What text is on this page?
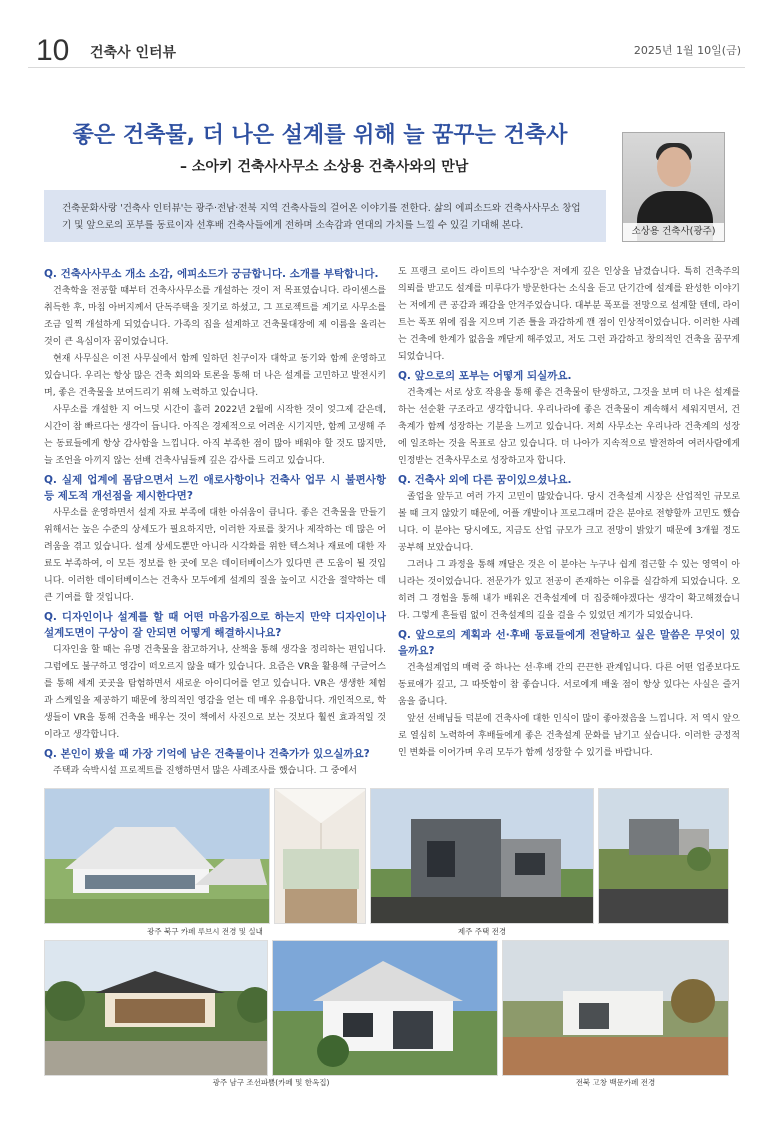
10 건축사 인터뷰	2025년 1월 10일(금)
좋은 건축물, 더 나은 설계를 위해 늘 꿈꾸는 건축사
– 소아키 건축사사무소 소상용 건축사와의 만남
건축문화사랑 '건축사 인터뷰'는 광주·전남·전북 지역 건축사들의 걸어온 이야기를 전한다. 삶의 에피소드와 건축사사무소 창업기 및 앞으로의 포부를 동료이자 선후배 건축사들에게 전하며 소속감과 연대의 가치를 느낄 수 있길 기대해 본다.
소상용 건축사(광주)
Q. 건축사사무소 개소 소감, 에피소드가 궁금합니다. 소개를 부탁합니다.
건축학을 전공할 때부터 건축사사무소를 개설하는 것이 저 목표였습니다. 라이센스를 취득한 후, 마침 아버지께서 단독주택을 짓기로 하셨고, 그 프로젝트를 계기로 사무소를 조금 일찍 개설하게 되었습니다. 가족의 집을 설계하고 건축물대장에 제 이름을 올리는 것이 큰 욕심이자 꿈이었습니다.
현재 사무실은 이전 사무실에서 함께 일하던 친구이자 대학교 동기와 함께 운영하고 있습니다. 우리는 항상 많은 건축 회의와 토론을 통해 더 나은 설계를 고민하고 발전시키며, 좋은 건축물을 보여드리기 위해 노력하고 있습니다.
사무소를 개설한 지 어느덧 시간이 흘러 2022년 2월에 시작한 것이 엊그제 같은데, 시간이 참 빠르다는 생각이 듭니다. 아직은 경제적으로 어려운 시기지만, 함께 고생해 주는 동료들에게 항상 감사함을 느낍니다. 아직 부족한 점이 많아 배워야 할 것도 많지만, 늘 조언을 아끼지 않는 선배 건축사님들께 깊은 감사를 드리고 있습니다.
Q. 실제 업계에 몸담으면서 느낀 애로사항이나 건축사 업무 시 불편사항 등 제도적 개선점을 제시한다면?
사무소를 운영하면서 설계 자료 부족에 대한 아쉬움이 큽니다. 좋은 건축물을 만들기 위해서는 높은 수준의 상세도가 필요하지만, 이러한 자료를 찾거나 제작하는 데 많은 어려움을 겪고 있습니다. 설계 상세도뿐만 아니라 시각화를 위한 텍스쳐나 재료에 대한 자료도 부족하여, 이 모든 정보를 한 곳에 모은 데이터베이스가 있다면 큰 도움이 될 것입니다. 이러한 데이터베이스는 건축사 모두에게 설계의 질을 높이고 시간을 절약하는 데 큰 기여를 할 것입니다.
Q. 디자인이나 설계를 할 때 어떤 마음가짐으로 하는지 만약 디자인이나 설계도면이 구상이 잘 안되면 어떻게 해결하시나요?
디자인을 할 때는 유명 건축물을 참고하거나, 산책을 통해 생각을 정리하는 편입니다. 그럼에도 불구하고 영감이 떠오르지 않을 때가 있습니다. 요즘은 VR을 활용해 구글어스를 통해 세계 곳곳을 탐험하면서 새로운 아이디어를 얻고 있습니다. VR은 생생한 체험과 스케일을 제공하기 때문에 창의적인 영감을 얻는 데 매우 유용합니다. 개인적으로, 학생들이 VR을 통해 건축을 배우는 것이 책에서 사진으로 보는 것보다 훨씬 효과적일 것이라고 생각합니다.
Q. 본인이 봤을 때 가장 기억에 남은 건축물이나 건축가가 있으실까요?
주택과 숙박시설 프로젝트를 진행하면서 많은 사례조사를 했습니다. 그 중에서
도 프랭크 로이드 라이트의 '낙수장'은 저에게 깊은 인상을 남겼습니다. 특히 건축주의 의뢰를 받고도 설계를 미루다가 방문한다는 소식을 듣고 단기간에 설계를 완성한 이야기는 저에게 큰 공감과 쾌감을 안겨주었습니다. 대부분 폭포를 전망으로 설계할 텐데, 라이트는 폭포 위에 집을 지으며 기존 틀을 과감하게 깬 점이 인상적이었습니다. 이러한 사례는 건축에 한계가 없음을 깨닫게 해주었고, 저도 그런 과감하고 창의적인 건축을 꿈꾸게 되었습니다.
Q. 앞으로의 포부는 어떻게 되실까요.
건축계는 서로 상호 작용을 통해 좋은 건축물이 탄생하고, 그것을 보며 더 나은 설계를 하는 선순환 구조라고 생각합니다. 우리나라에 좋은 건축물이 계속해서 세워지면서, 건축계가 함께 성장하는 기분을 느끼고 있습니다. 저희 사무소는 우리나라 건축계의 성장에 일조하는 것을 목표로 삼고 있습니다. 더 나아가 지속적으로 발전하여 여러사람에게 인정받는 건축사무소로 성장하고자 합니다.
Q. 건축사 외에 다른 꿈이있으셨나요.
졸업을 앞두고 여러 가지 고민이 많았습니다. 당시 건축설계 시장은 산업적인 규모로 볼 때 크지 않았기 때문에, 어플 개발이나 프로그래머 같은 분야로 전향할까 고민도 했습니다. 이 분야는 당시에도, 지금도 산업 규모가 크고 전망이 밝았기 때문에 3개월 정도 공부해 보았습니다.
그러나 그 과정을 통해 깨달은 것은 이 분야는 누구나 쉽게 접근할 수 있는 영역이 아니라는 것이었습니다. 전문가가 있고 전공이 존재하는 이유를 실감하게 되었습니다. 오히려 그 경험을 통해 내가 배워온 건축설계에 더 집중해야겠다는 생각이 확고해졌습니다. 그렇게 흔들림 없이 건축설계의 길을 걸을 수 있었던 계기가 되었습니다.
Q. 앞으로의 계획과 선·후배 동료들에게 전달하고 싶은 말씀은 무엇이 있을까요?
건축설계업의 매력 중 하나는 선·후배 간의 끈끈한 관계입니다. 다른 어떤 업종보다도 동료애가 깊고, 그 따뜻함이 참 좋습니다. 서로에게 배울 점이 항상 있다는 사실은 즐거움을 줍니다.
앞선 선배님들 덕분에 건축사에 대한 인식이 많이 좋아졌음을 느낍니다. 저 역시 앞으로 열심히 노력하여 후배들에게 좋은 건축설계 문화를 남기고 싶습니다. 이러한 긍정적인 변화를 이어가며 우리 모두가 함께 성장할 수 있기를 바랍니다.
광주 북구 카페 루브시 전경 및 실내	제주 주택 전경
광주 남구 조선파쁨(카페 및 한옥집)	전북 고창 백문카페 전경
